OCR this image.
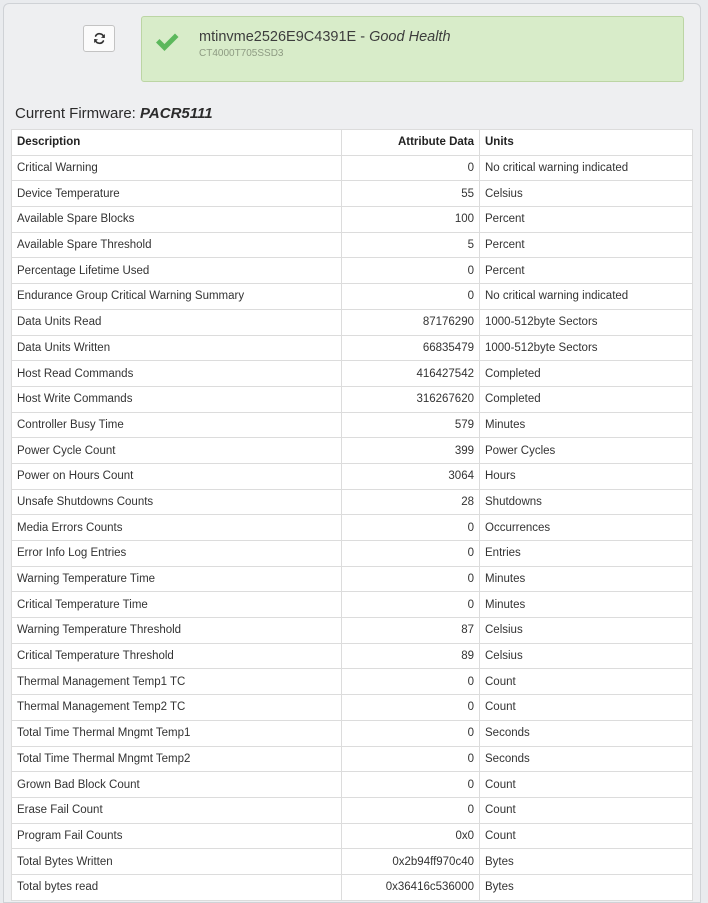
mtinvme2526E9C4391E - Good Health
CT4000T705SSD3
Current Firmware: PACR5111
Description	Attribute Data	Units
Critical Warning	0	No critical warning indicated
Device Temperature	55	Celsius
Available Spare Blocks	100	Percent
Available Spare Threshold	5	Percent
Percentage Lifetime Used	0	Percent
Endurance Group Critical Warning Summary	0	No critical warning indicated
Data Units Read	87176290	1000-512byte Sectors
Data Units Written	66835479	1000-512byte Sectors
Host Read Commands	416427542	Completed
Host Write Commands	316267620	Completed
Controller Busy Time	579	Minutes
Power Cycle Count	399	Power Cycles
Power on Hours Count	3064	Hours
Unsafe Shutdowns Counts	28	Shutdowns
Media Errors Counts	0	Occurrences
Error Info Log Entries	0	Entries
Warning Temperature Time	0	Minutes
Critical Temperature Time	0	Minutes
Warning Temperature Threshold	87	Celsius
Critical Temperature Threshold	89	Celsius
Thermal Management Temp1 TC	0	Count
Thermal Management Temp2 TC	0	Count
Total Time Thermal Mngmt Temp1	0	Seconds
Total Time Thermal Mngmt Temp2	0	Seconds
Grown Bad Block Count	0	Count
Erase Fail Count	0	Count
Program Fail Counts	0x0	Count
Total Bytes Written	0x2b94ff970c40	Bytes
Total bytes read	0x36416c536000	Bytes
